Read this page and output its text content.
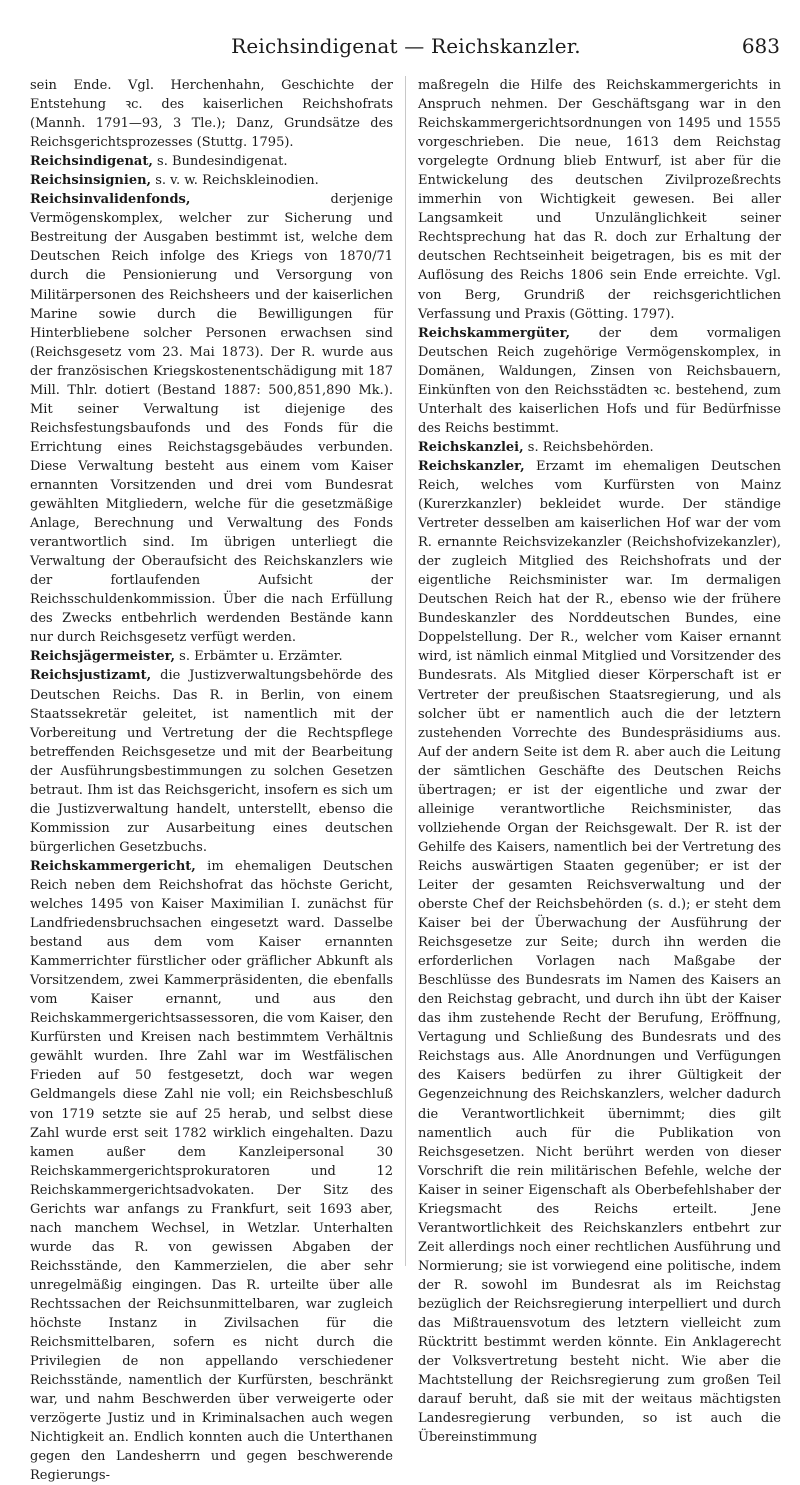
Reichsindigenat — Reichskanzler.	683

sein Ende. Vgl. Herchenhahn, Geschichte der Entstehung ꝛc. des kaiserlichen Reichshofrats (Mannh. 1791—93, 3 Tle.); Danz, Grundsätze des Reichsgerichtsprozesses (Stuttg. 1795).

Reichsindigenat, s. Bundesindigenat.

Reichsinsignien, s. v. w. Reichskleinodien.

Reichsinvalidenfonds, derjenige Vermögenskomplex, welcher zur Sicherung und Bestreitung der Ausgaben bestimmt ist, welche dem Deutschen Reich infolge des Kriegs von 1870/71 durch die Pensionierung und Versorgung von Militärpersonen des Reichsheers und der kaiserlichen Marine sowie durch die Bewilligungen für Hinterbliebene solcher Personen erwachsen sind (Reichsgesetz vom 23. Mai 1873). Der R. wurde aus der französischen Kriegskostenentschädigung mit 187 Mill. Thlr. dotiert (Bestand 1887: 500,851,890 Mk.). Mit seiner Verwaltung ist diejenige des Reichsfestungsbaufonds und des Fonds für die Errichtung eines Reichstagsgebäudes verbunden. Diese Verwaltung besteht aus einem vom Kaiser ernannten Vorsitzenden und drei vom Bundesrat gewählten Mitgliedern, welche für die gesetzmäßige Anlage, Berechnung und Verwaltung des Fonds verantwortlich sind. Im übrigen unterliegt die Verwaltung der Oberaufsicht des Reichskanzlers wie der fortlaufenden Aufsicht der Reichsschuldenkommission. Über die nach Erfüllung des Zwecks entbehrlich werdenden Bestände kann nur durch Reichsgesetz verfügt werden.

Reichsjägermeister, s. Erbämter u. Erzämter.

Reichsjustizamt, die Justizverwaltungsbehörde des Deutschen Reichs. Das R. in Berlin, von einem Staatssekretär geleitet, ist namentlich mit der Vorbereitung und Vertretung der die Rechtspflege betreffenden Reichsgesetze und mit der Bearbeitung der Ausführungsbestimmungen zu solchen Gesetzen betraut. Ihm ist das Reichsgericht, insofern es sich um die Justizverwaltung handelt, unterstellt, ebenso die Kommission zur Ausarbeitung eines deutschen bürgerlichen Gesetzbuchs.

Reichskammergericht, im ehemaligen Deutschen Reich neben dem Reichshofrat das höchste Gericht, welches 1495 von Kaiser Maximilian I. zunächst für Landfriedensbruchsachen eingesetzt ward. Dasselbe bestand aus dem vom Kaiser ernannten Kammerrichter fürstlicher oder gräflicher Abkunft als Vorsitzendem, zwei Kammerpräsidenten, die ebenfalls vom Kaiser ernannt, und aus den Reichskammergerichtsassessoren, die vom Kaiser, den Kurfürsten und Kreisen nach bestimmtem Verhältnis gewählt wurden. Ihre Zahl war im Westfälischen Frieden auf 50 festgesetzt, doch war wegen Geldmangels diese Zahl nie voll; ein Reichsbeschluß von 1719 setzte sie auf 25 herab, und selbst diese Zahl wurde erst seit 1782 wirklich eingehalten. Dazu kamen außer dem Kanzleipersonal 30 Reichskammergerichtsprokuratoren und 12 Reichskammergerichtsadvokaten. Der Sitz des Gerichts war anfangs zu Frankfurt, seit 1693 aber, nach manchem Wechsel, in Wetzlar. Unterhalten wurde das R. von gewissen Abgaben der Reichsstände, den Kammerzielen, die aber sehr unregelmäßig eingingen. Das R. urteilte über alle Rechtssachen der Reichsunmittelbaren, war zugleich höchste Instanz in Zivilsachen für die Reichsmittelbaren, sofern es nicht durch die Privilegien de non appellando verschiedener Reichsstände, namentlich der Kurfürsten, beschränkt war, und nahm Beschwerden über verweigerte oder verzögerte Justiz und in Kriminalsachen auch wegen Nichtigkeit an. Endlich konnten auch die Unterthanen gegen den Landesherrn und gegen beschwerende Regierungs-

maßregeln die Hilfe des Reichskammergerichts in Anspruch nehmen. Der Geschäftsgang war in den Reichskammergerichtsordnungen von 1495 und 1555 vorgeschrieben. Die neue, 1613 dem Reichstag vorgelegte Ordnung blieb Entwurf, ist aber für die Entwickelung des deutschen Zivilprozeßrechts immerhin von Wichtigkeit gewesen. Bei aller Langsamkeit und Unzulänglichkeit seiner Rechtsprechung hat das R. doch zur Erhaltung der deutschen Rechtseinheit beigetragen, bis es mit der Auflösung des Reichs 1806 sein Ende erreichte. Vgl. von Berg, Grundriß der reichsgerichtlichen Verfassung und Praxis (Götting. 1797).

Reichskammergüter, der dem vormaligen Deutschen Reich zugehörige Vermögenskomplex, in Domänen, Waldungen, Zinsen von Reichsbauern, Einkünften von den Reichsstädten ꝛc. bestehend, zum Unterhalt des kaiserlichen Hofs und für Bedürfnisse des Reichs bestimmt.

Reichskanzlei, s. Reichsbehörden.

Reichskanzler, Erzamt im ehemaligen Deutschen Reich, welches vom Kurfürsten von Mainz (Kurerzkanzler) bekleidet wurde. Der ständige Vertreter desselben am kaiserlichen Hof war der vom R. ernannte Reichsvizekanzler (Reichshofvizekanzler), der zugleich Mitglied des Reichshofrats und der eigentliche Reichsminister war. Im dermaligen Deutschen Reich hat der R., ebenso wie der frühere Bundeskanzler des Norddeutschen Bundes, eine Doppelstellung. Der R., welcher vom Kaiser ernannt wird, ist nämlich einmal Mitglied und Vorsitzender des Bundesrats. Als Mitglied dieser Körperschaft ist er Vertreter der preußischen Staatsregierung, und als solcher übt er namentlich auch die der letztern zustehenden Vorrechte des Bundespräsidiums aus. Auf der andern Seite ist dem R. aber auch die Leitung der sämtlichen Geschäfte des Deutschen Reichs übertragen; er ist der eigentliche und zwar der alleinige verantwortliche Reichsminister, das vollziehende Organ der Reichsgewalt. Der R. ist der Gehilfe des Kaisers, namentlich bei der Vertretung des Reichs auswärtigen Staaten gegenüber; er ist der Leiter der gesamten Reichsverwaltung und der oberste Chef der Reichsbehörden (s. d.); er steht dem Kaiser bei der Überwachung der Ausführung der Reichsgesetze zur Seite; durch ihn werden die erforderlichen Vorlagen nach Maßgabe der Beschlüsse des Bundesrats im Namen des Kaisers an den Reichstag gebracht, und durch ihn übt der Kaiser das ihm zustehende Recht der Berufung, Eröffnung, Vertagung und Schließung des Bundesrats und des Reichstags aus. Alle Anordnungen und Verfügungen des Kaisers bedürfen zu ihrer Gültigkeit der Gegenzeichnung des Reichskanzlers, welcher dadurch die Verantwortlichkeit übernimmt; dies gilt namentlich auch für die Publikation von Reichsgesetzen. Nicht berührt werden von dieser Vorschrift die rein militärischen Befehle, welche der Kaiser in seiner Eigenschaft als Oberbefehlshaber der Kriegsmacht des Reichs erteilt. Jene Verantwortlichkeit des Reichskanzlers entbehrt zur Zeit allerdings noch einer rechtlichen Ausführung und Normierung; sie ist vorwiegend eine politische, indem der R. sowohl im Bundesrat als im Reichstag bezüglich der Reichsregierung interpelliert und durch das Mißtrauensvotum des letztern vielleicht zum Rücktritt bestimmt werden könnte. Ein Anklagerecht der Volksvertretung besteht nicht. Wie aber die Machtstellung der Reichsregierung zum großen Teil darauf beruht, daß sie mit der weitaus mächtigsten Landesregierung verbunden, so ist auch die Übereinstimmung
